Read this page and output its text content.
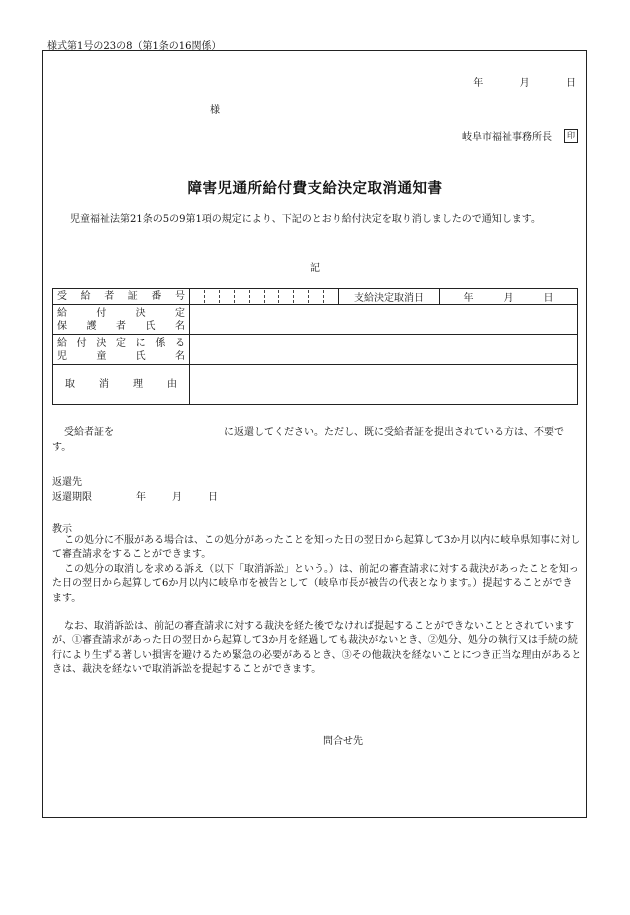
様式第1号の23の8（第1条の16関係）
年	月	日
様
岐阜市福祉事務所長	印
障害児通所給付費支給決定取消通知書
児童福祉法第21条の5の9第1項の規定により、下記のとおり給付決定を取り消しましたので通知します。
記
受給者証番号		支給決定取消日	年 月 日

給付決定
保護者氏名			

給付決定に係る
児童氏名			

取消理由			

受給者証を	に返還してください。ただし、既に受給者証を提出されている方は、不要です。
返還先
返還期限	年	月	日
教示
この処分に不服がある場合は、この処分があったことを知った日の翌日から起算して3か月以内に岐阜県知事に対して審査請求をすることができます。
この処分の取消しを求める訴え（以下「取消訴訟」という。）は、前記の審査請求に対する裁決があったことを知った日の翌日から起算して6か月以内に岐阜市を被告として（岐阜市長が被告の代表となります。）提起することができます。
なお、取消訴訟は、前記の審査請求に対する裁決を経た後でなければ提起することができないこととされていますが、①審査請求があった日の翌日から起算して3か月を経過しても裁決がないとき、②処分、処分の執行又は手続の続行により生ずる著しい損害を避けるため緊急の必要があるとき、③その他裁決を経ないことにつき正当な理由があるときは、裁決を経ないで取消訴訟を提起することができます。
問合せ先
